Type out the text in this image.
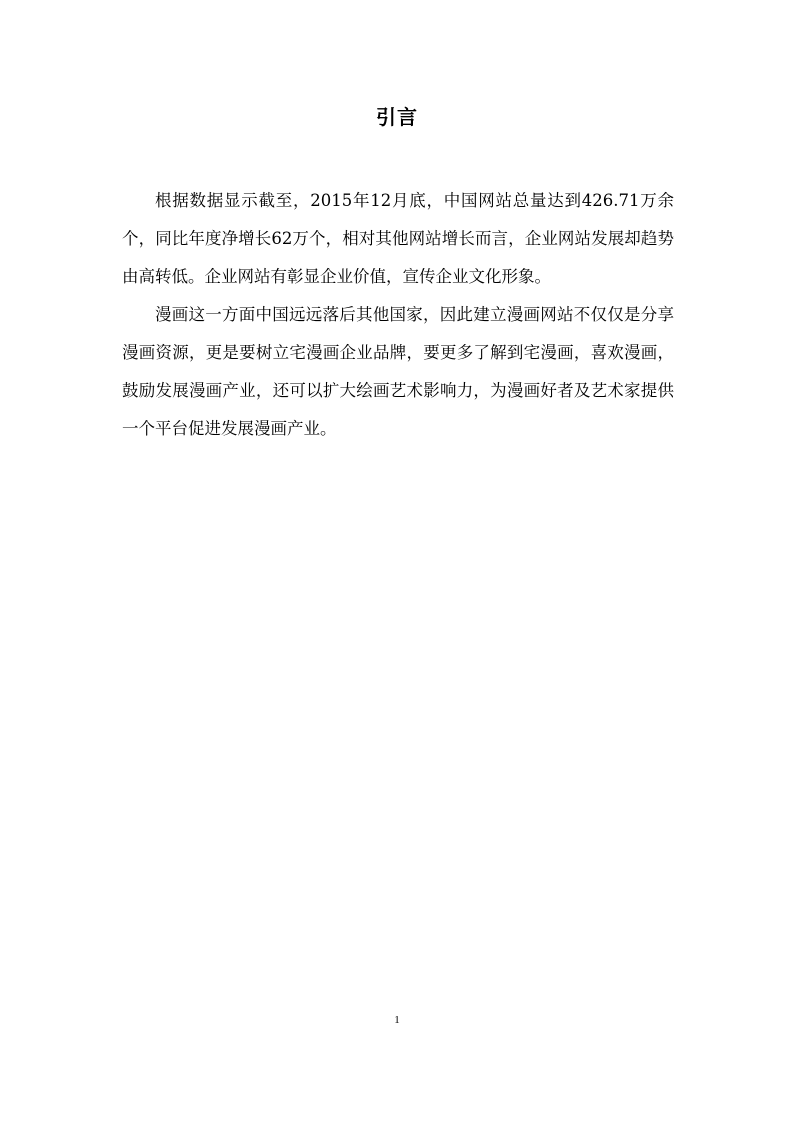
引言

根据数据显示截至，2015年12月底，中国网站总量达到426.71万余个，同比年度净增长62万个，相对其他网站增长而言，企业网站发展却趋势由高转低。企业网站有彰显企业价值，宣传企业文化形象。

漫画这一方面中国远远落后其他国家，因此建立漫画网站不仅仅是分享漫画资源，更是要树立宅漫画企业品牌，要更多了解到宅漫画，喜欢漫画，鼓励发展漫画产业，还可以扩大绘画艺术影响力，为漫画好者及艺术家提供一个平台促进发展漫画产业。

1
